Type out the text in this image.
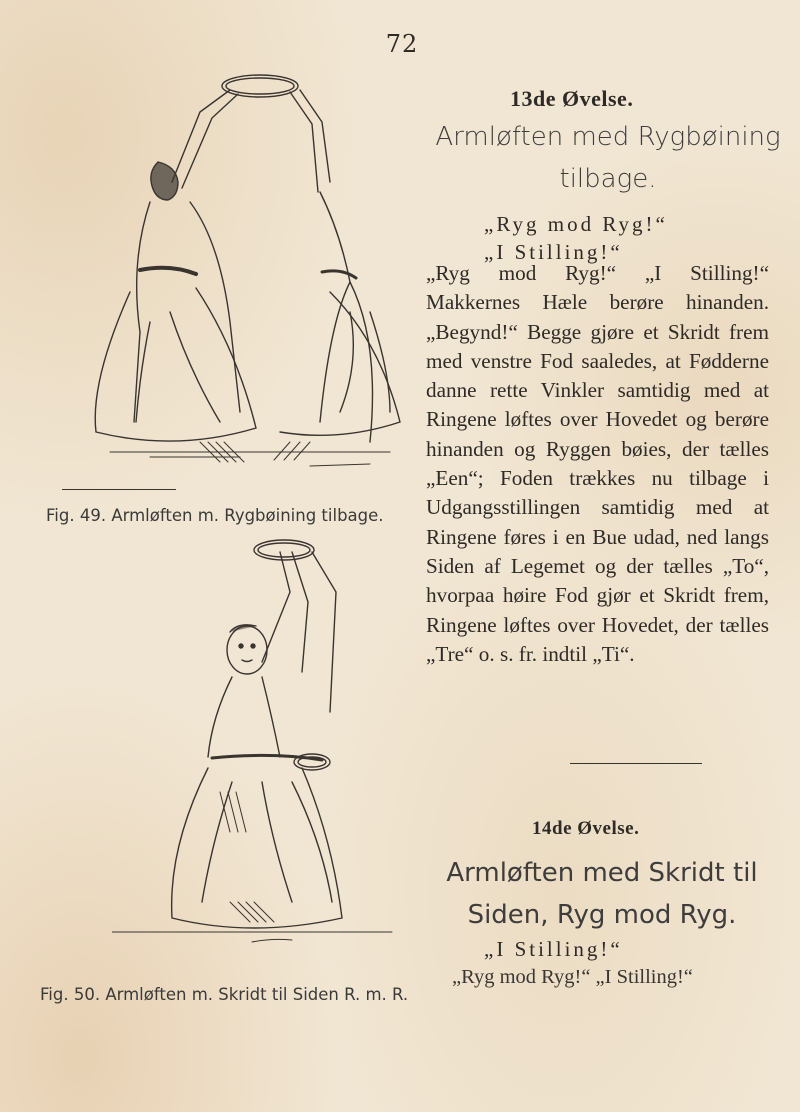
72
Fig. 49. Armløften m. Rygbøining tilbage.
Fig. 50. Armløften m. Skridt til Siden R. m. R.
13de Øvelse.
Armløften med Rygbøining
tilbage.
„Ryg mod Ryg!“
„I Stilling!“

„Ryg mod Ryg!“ „I Stilling!“ Makkernes Hæle berøre hinanden. „Begynd!“ Begge gjøre et Skridt frem med venstre Fod saaledes, at Fødderne danne rette Vinkler samtidig med at Ringene løftes over Hovedet og berøre hinanden og Ryggen bøies, der tælles „Een“; Foden trækkes nu tilbage i Udgangsstillingen samtidig med at Ringene føres i en Bue udad, ned langs Siden af Legemet og der tælles „To“, hvorpaa høire Fod gjør et Skridt frem, Ringene løftes over Hovedet, der tælles „Tre“ o. s. fr. indtil „Ti“.

14de Øvelse.
Armløften med Skridt til
Siden, Ryg mod Ryg.
„I Stilling!“
„Ryg mod Ryg!“ „I Stilling!“
